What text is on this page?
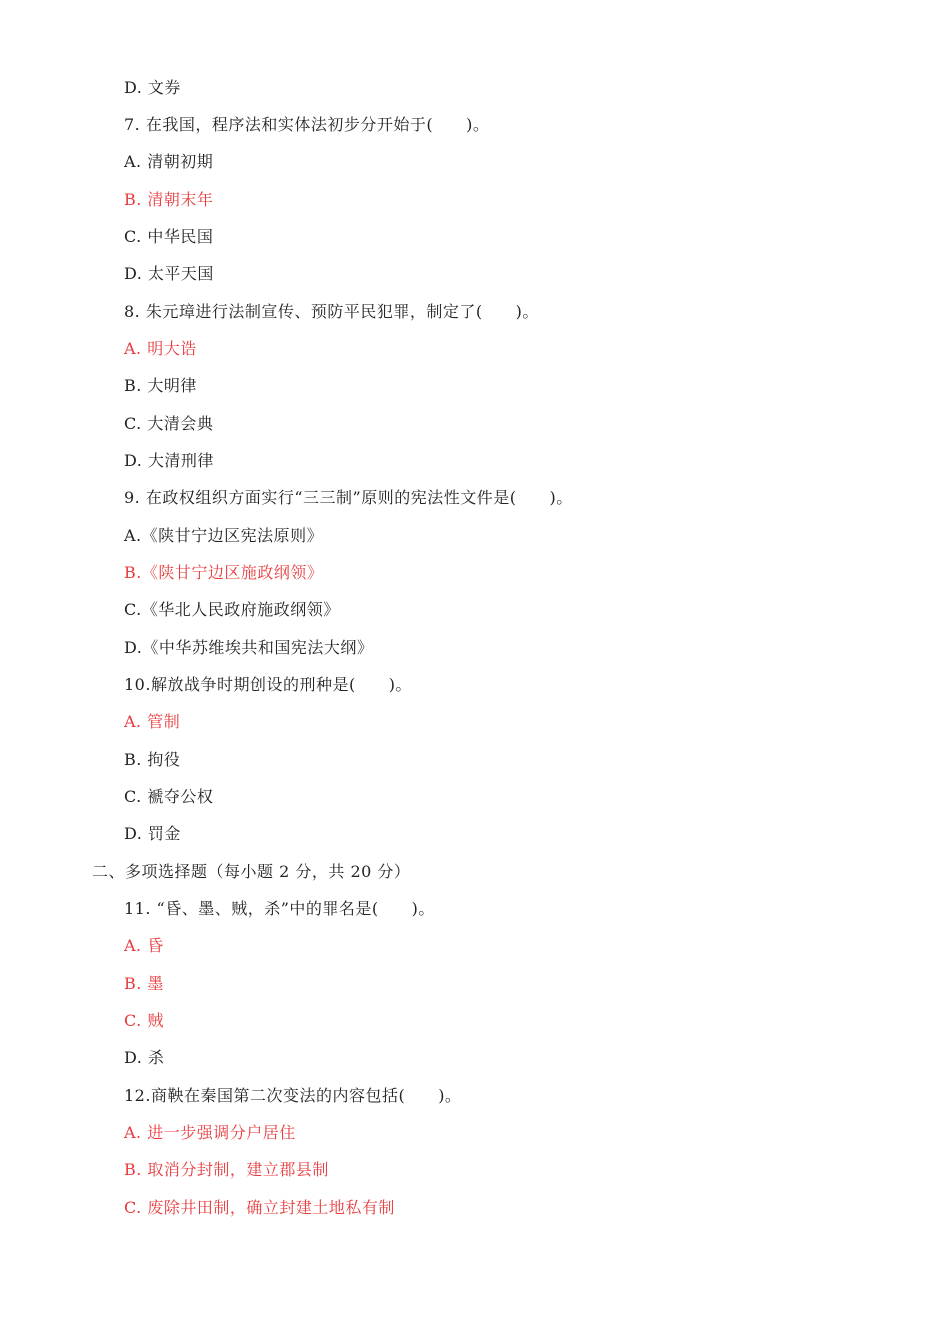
D. 文券
7. 在我国，程序法和实体法初步分开始于(　　)。
A. 清朝初期
B. 清朝末年
C. 中华民国
D. 太平天国
8. 朱元璋进行法制宣传、预防平民犯罪，制定了(　　)。
A. 明大诰
B. 大明律
C. 大清会典
D. 大清刑律
9. 在政权组织方面实行“三三制”原则的宪法性文件是(　　)。
A.《陕甘宁边区宪法原则》
B.《陕甘宁边区施政纲领》
C.《华北人民政府施政纲领》
D.《中华苏维埃共和国宪法大纲》
10.解放战争时期创设的刑种是(　　)。
A. 管制
B. 拘役
C. 褫夺公权
D. 罚金
二、多项选择题（每小题 2 分，共 20 分）
11. “昏、墨、贼，杀”中的罪名是(　　)。
A. 昏
B. 墨
C. 贼
D. 杀
12.商鞅在秦国第二次变法的内容包括(　　)。
A. 进一步强调分户居住
B. 取消分封制，建立郡县制
C. 废除井田制，确立封建土地私有制
